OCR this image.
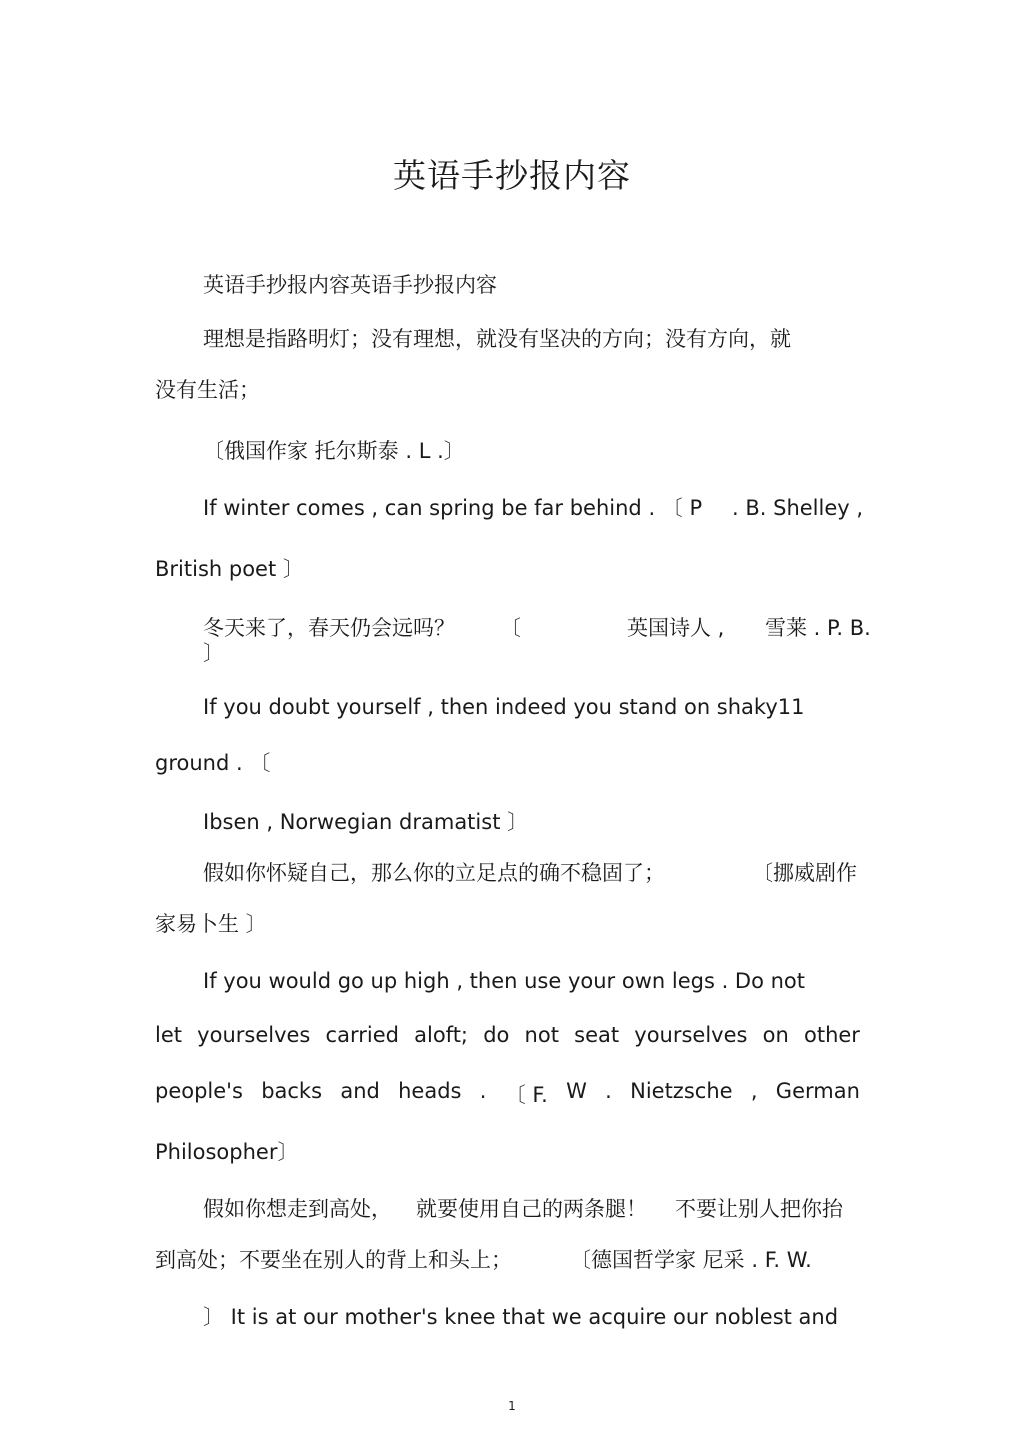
英语手抄报内容
英语手抄报内容英语手抄报内容
理想是指路明灯；没有理想，就没有坚决的方向；没有方向，就
没有生活；
〔俄国作家 托尔斯泰 . L .〕
If winter comes , can spring be far behind . 〔 P . B. Shelley ,
British poet 〕
冬天来了，春天仍会远吗？ 〔	英国诗人 , 雪莱 . P. B.
〕
If you doubt yourself , then indeed you stand on shaky11
ground . 〔
Ibsen , Norwegian dramatist 〕
假如你怀疑自己，那么你的立足点的确不稳固了；	〔挪威剧作
家易卜生 〕
If you would go up high , then use your own legs . Do not
let yourselves carried aloft; do not seat yourselves on other
people's backs and heads . 〔 F. W . Nietzsche , German
Philosopher〕
假如你想走到高处， 就要使用自己的两条腿！ 不要让别人把你抬
到高处；不要坐在别人的背上和头上；	〔德国哲学家 尼采 . F. W.
〕 It is at our mother's knee that we acquire our noblest and
1
